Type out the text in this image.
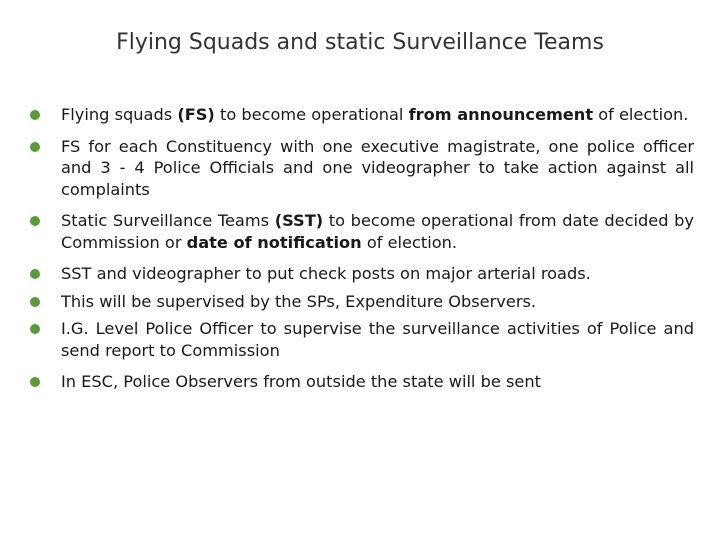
Flying Squads and static Surveillance Teams
Flying squads (FS) to become operational from announcement of election.
FS for each Constituency with one executive magistrate, one police officer and 3 - 4 Police Officials and one videographer to take action against all complaints
Static Surveillance Teams (SST) to become operational from date decided by Commission or date of notification of election.
SST and videographer to put check posts on major arterial roads.
This will be supervised by the SPs, Expenditure Observers.
I.G. Level Police Officer to supervise the surveillance activities of Police and send report to Commission
In ESC, Police Observers from outside the state will be sent
